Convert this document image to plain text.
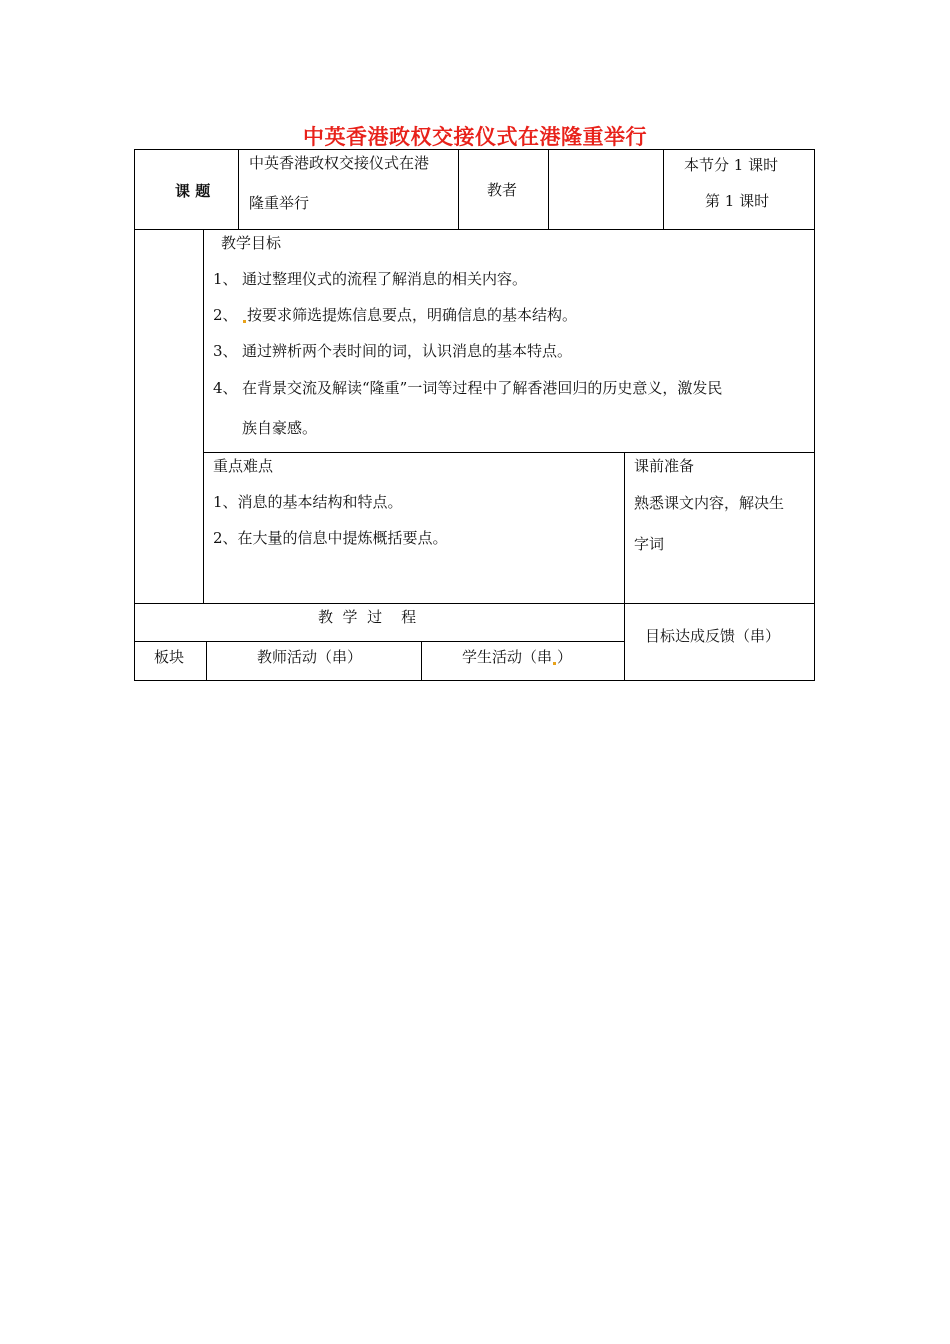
中英香港政权交接仪式在港隆重举行
课 题
中英香港政权交接仪式在港
隆重举行
教者
本节分 1 课时
第 1 课时
教学目标
1、 通过整理仪式的流程了解消息的相关内容。
2、 按要求筛选提炼信息要点，明确信息的基本结构。
3、 通过辨析两个表时间的词，认识消息的基本特点。
4、 在背景交流及解读“隆重”一词等过程中了解香港回归的历史意义，激发民
族自豪感。
重点难点
1、消息的基本结构和特点。
2、在大量的信息中提炼概括要点。
课前准备
熟悉课文内容，解决生
字词
教  学  过    程
目标达成反馈（串）
板块	教师活动（串）	学生活动（串 ）
